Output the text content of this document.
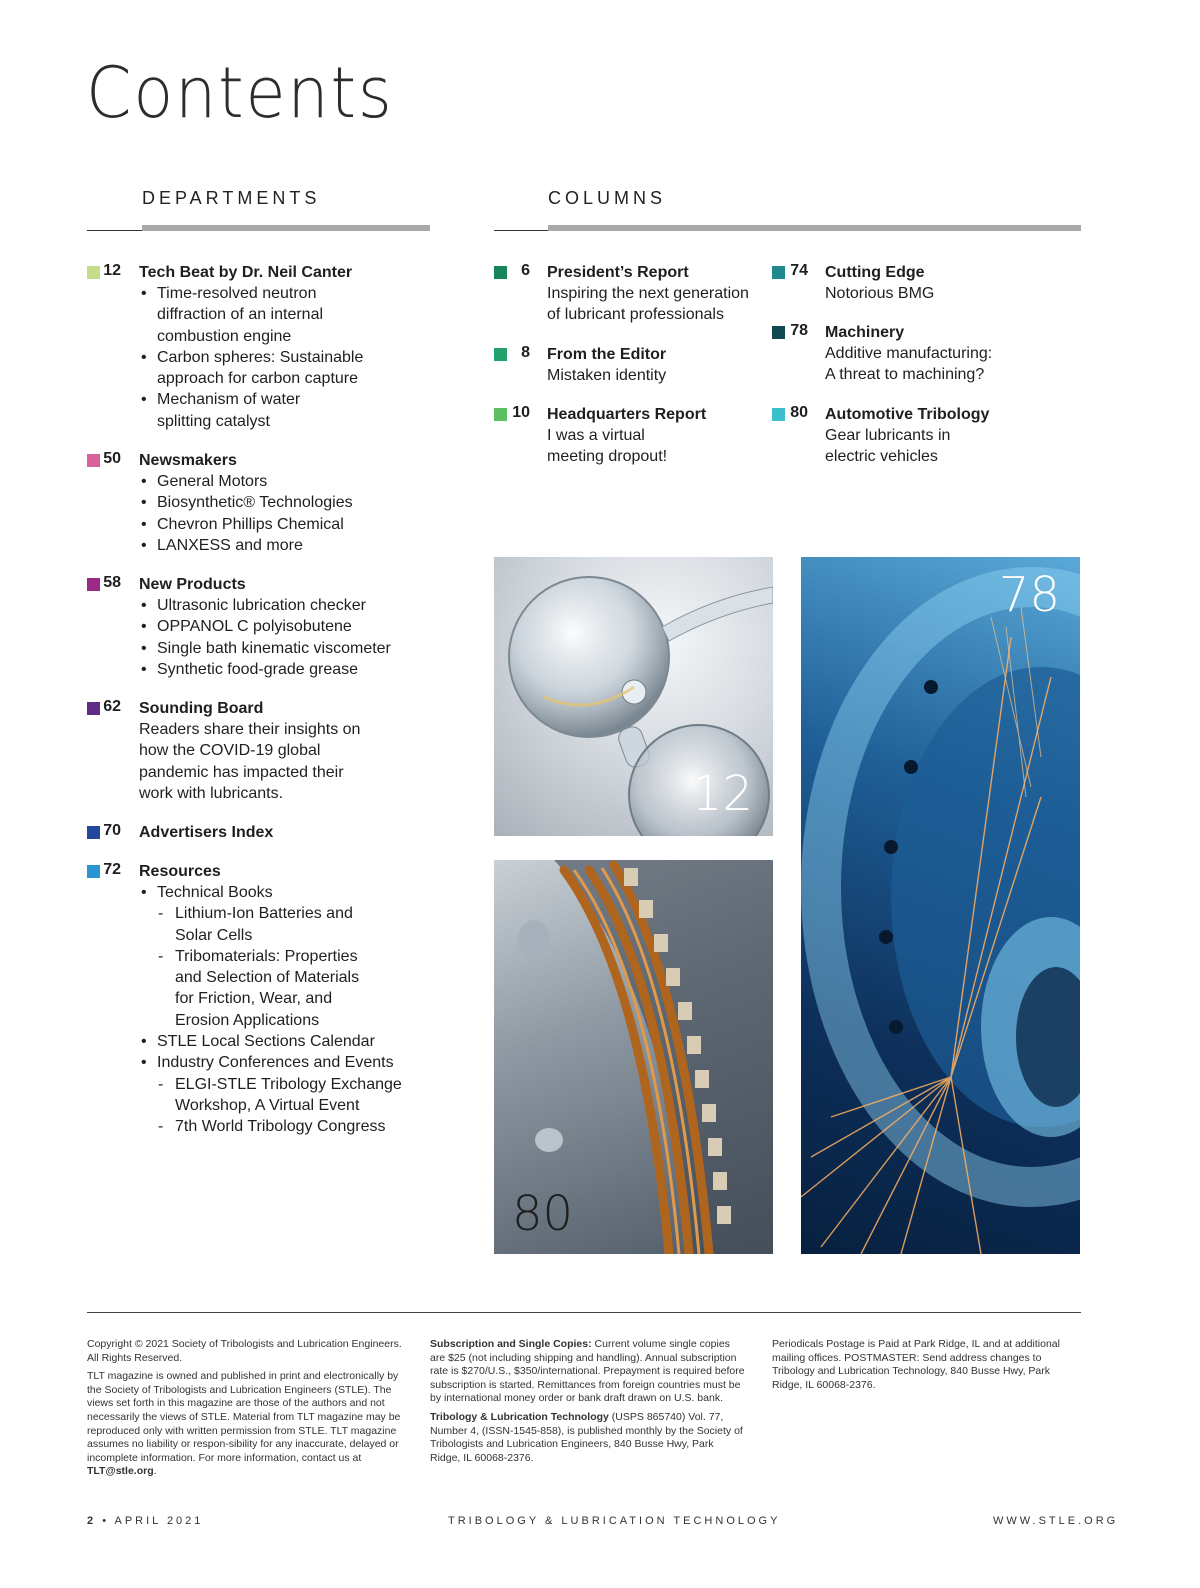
Contents
DEPARTMENTS	COLUMNS
12 Tech Beat by Dr. Neil Canter
• Time-resolved neutron
diffraction of an internal
combustion engine
• Carbon spheres: Sustainable
approach for carbon capture
• Mechanism of water
splitting catalyst
50 Newsmakers
• General Motors
• Biosynthetic® Technologies
• Chevron Phillips Chemical
• LANXESS and more
58 New Products
• Ultrasonic lubrication checker
• OPPANOL C polyisobutene
• Single bath kinematic viscometer
• Synthetic food-grade grease
62 Sounding Board
Readers share their insights on
how the COVID-19 global
pandemic has impacted their
work with lubricants.
70 Advertisers Index
72 Resources
• Technical Books
- Lithium-Ion Batteries and
Solar Cells
- Tribomaterials: Properties
and Selection of Materials
for Friction, Wear, and
Erosion Applications
• STLE Local Sections Calendar
• Industry Conferences and Events
- ELGI-STLE Tribology Exchange
Workshop, A Virtual Event
- 7th World Tribology Congress
6 President’s Report
Inspiring the next generation
of lubricant professionals
8 From the Editor
Mistaken identity
10 Headquarters Report
I was a virtual
meeting dropout!
74 Cutting Edge
Notorious BMG
78 Machinery
Additive manufacturing:
A threat to machining?
80 Automotive Tribology
Gear lubricants in
electric vehicles
12
80
78

Copyright © 2021 Society of Tribologists and Lubrication Engineers. All Rights Reserved.

TLT magazine is owned and published in print and electronically by the Society of Tribologists and Lubrication Engineers (STLE). The views set forth in this magazine are those of the authors and not necessarily the views of STLE. Material from TLT magazine may be reproduced only with written permission from STLE. TLT magazine assumes no liability or respon-sibility for any inaccurate, delayed or incomplete information. For more information, contact us at TLT@stle.org.

Subscription and Single Copies: Current volume single copies are $25 (not including shipping and handling). Annual subscription rate is $270/U.S., $350/international. Prepayment is required before subscription is started. Remittances from foreign countries must be by international money order or bank draft drawn on U.S. bank.

Tribology & Lubrication Technology (USPS 865740) Vol. 77, Number 4, (ISSN-1545-858), is published monthly by the Society of Tribologists and Lubrication Engineers, 840 Busse Hwy, Park Ridge, IL 60068-2376.

Periodicals Postage is Paid at Park Ridge, IL and at additional mailing offices. POSTMASTER: Send address changes to Tribology and Lubrication Technology, 840 Busse Hwy, Park Ridge, IL 60068-2376.

2 • APRIL 2021	TRIBOLOGY & LUBRICATION TECHNOLOGY	WWW.STLE.ORG
